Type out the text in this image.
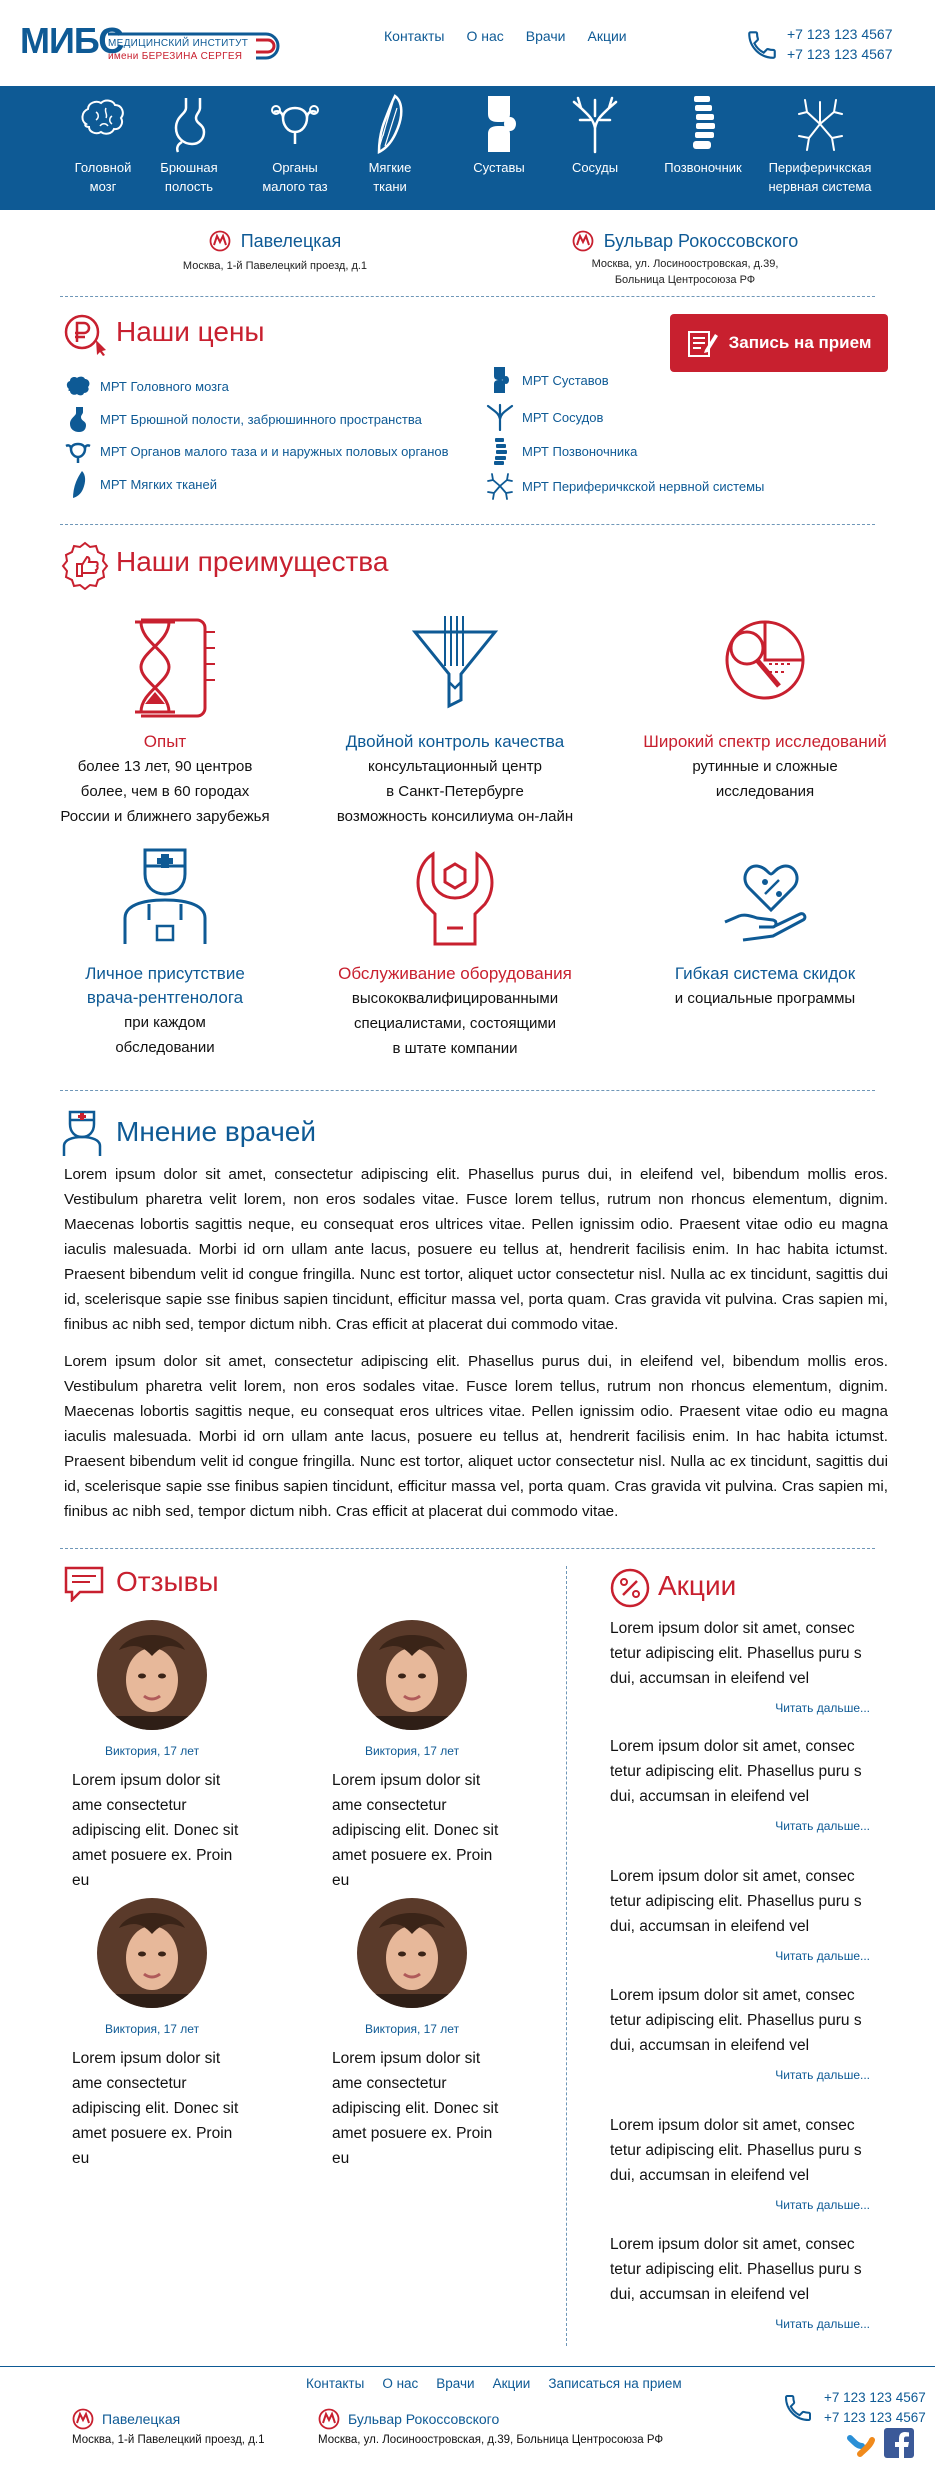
МИБС
МЕДИЦИНСКИЙ ИНСТИТУТ
имени БЕРЕЗИНА СЕРГЕЯ
Контакты О нас Врачи Акции	+7 123 123 4567
+7 123 123 4567
Головной
мозг
Брюшная
полость
Органы
малого таз
Мягкие
ткани
Суставы	Сосуды	Позвоночник	Периферичкская
нервная система
Павелецкая
Москва, 1-й Павелецкий проезд, д.1
Бульвар Рокоссовского
Москва, ул. Лосиноостровская, д.39,
Больница Центросоюза РФ
Наши цены	Запись на прием
МРТ Головного мозга
МРТ Брюшной полости, забрюшинного пространства
МРТ Органов малого таза и и наружных половых органов
МРТ Мягких тканей
МРТ Суставов
МРТ Сосудов
МРТ Позвоночника
МРТ Периферичкской нервной системы
Наши преимущества
Опыт
более 13 лет, 90 центров
более, чем в 60 городах
России и ближнего зарубежья
Двойной контроль качества
консультационный центр
в Санкт-Петербурге
возможность консилиума он-лайн
Широкий спектр исследований
рутинные и сложные
исследования
Личное присутствие
врача-рентгенолога
при каждом
обследовании
Обслуживание оборудования
высококвалифицированными
специалистами, состоящими
в штате компании
Гибкая система скидок
и социальные программы
Мнение врачей
Lorem ipsum dolor sit amet, consectetur adipiscing elit. Phasellus purus dui, in eleifend vel, bibendum mollis eros. Vestibulum pharetra velit lorem, non eros sodales vitae. Fusce lorem tellus, rutrum non rhoncus elementum, dignim. Maecenas lobortis sagittis neque, eu consequat eros ultrices vitae. Pellen ignissim odio. Praesent vitae odio eu magna iaculis malesuada. Morbi id orn ullam ante lacus, posuere eu tellus at, hendrerit facilisis enim. In hac habita ictumst. Praesent bibendum velit id congue fringilla. Nunc est tortor, aliquet uctor consectetur nisl. Nulla ac ex tincidunt, sagittis dui id, scelerisque sapie sse finibus sapien tincidunt, efficitur massa vel, porta quam. Cras gravida vit pulvina. Cras sapien mi, finibus ac nibh sed, tempor dictum nibh. Cras efficit at placerat dui commodo vitae.
Lorem ipsum dolor sit amet, consectetur adipiscing elit. Phasellus purus dui, in eleifend vel, bibendum mollis eros. Vestibulum pharetra velit lorem, non eros sodales vitae. Fusce lorem tellus, rutrum non rhoncus elementum, dignim. Maecenas lobortis sagittis neque, eu consequat eros ultrices vitae. Pellen ignissim odio. Praesent vitae odio eu magna iaculis malesuada. Morbi id orn ullam ante lacus, posuere eu tellus at, hendrerit facilisis enim. In hac habita ictumst. Praesent bibendum velit id congue fringilla. Nunc est tortor, aliquet uctor consectetur nisl. Nulla ac ex tincidunt, sagittis dui id, scelerisque sapie sse finibus sapien tincidunt, efficitur massa vel, porta quam. Cras gravida vit pulvina. Cras sapien mi, finibus ac nibh sed, tempor dictum nibh. Cras efficit at placerat dui commodo vitae.
Отзывы
Виктория, 17 лет
Lorem ipsum dolor sit ame consectetur adipiscing elit. Donec sit amet posuere ex. Proin eu
Виктория, 17 лет
Lorem ipsum dolor sit ame consectetur adipiscing elit. Donec sit amet posuere ex. Proin eu
Виктория, 17 лет
Lorem ipsum dolor sit ame consectetur adipiscing elit. Donec sit amet posuere ex. Proin eu
Виктория, 17 лет
Lorem ipsum dolor sit ame consectetur adipiscing elit. Donec sit amet posuere ex. Proin eu
Акции
Lorem ipsum dolor sit amet, consec tetur adipiscing elit. Phasellus puru s dui, accumsan in eleifend vel
Читать дальше...
Lorem ipsum dolor sit amet, consec tetur adipiscing elit. Phasellus puru s dui, accumsan in eleifend vel
Читать дальше...
Lorem ipsum dolor sit amet, consec tetur adipiscing elit. Phasellus puru s dui, accumsan in eleifend vel
Читать дальше...
Lorem ipsum dolor sit amet, consec tetur adipiscing elit. Phasellus puru s dui, accumsan in eleifend vel
Читать дальше...
Lorem ipsum dolor sit amet, consec tetur adipiscing elit. Phasellus puru s dui, accumsan in eleifend vel
Читать дальше...
Lorem ipsum dolor sit amet, consec tetur adipiscing elit. Phasellus puru s dui, accumsan in eleifend vel
Читать дальше...
Контакты О нас Врачи Акции Записаться на прием
Павелецкая
Москва, 1-й Павелецкий проезд, д.1
Бульвар Рокоссовского
Москва, ул. Лосиноостровская, д.39, Больница Центросоюза РФ
+7 123 123 4567
+7 123 123 4567
